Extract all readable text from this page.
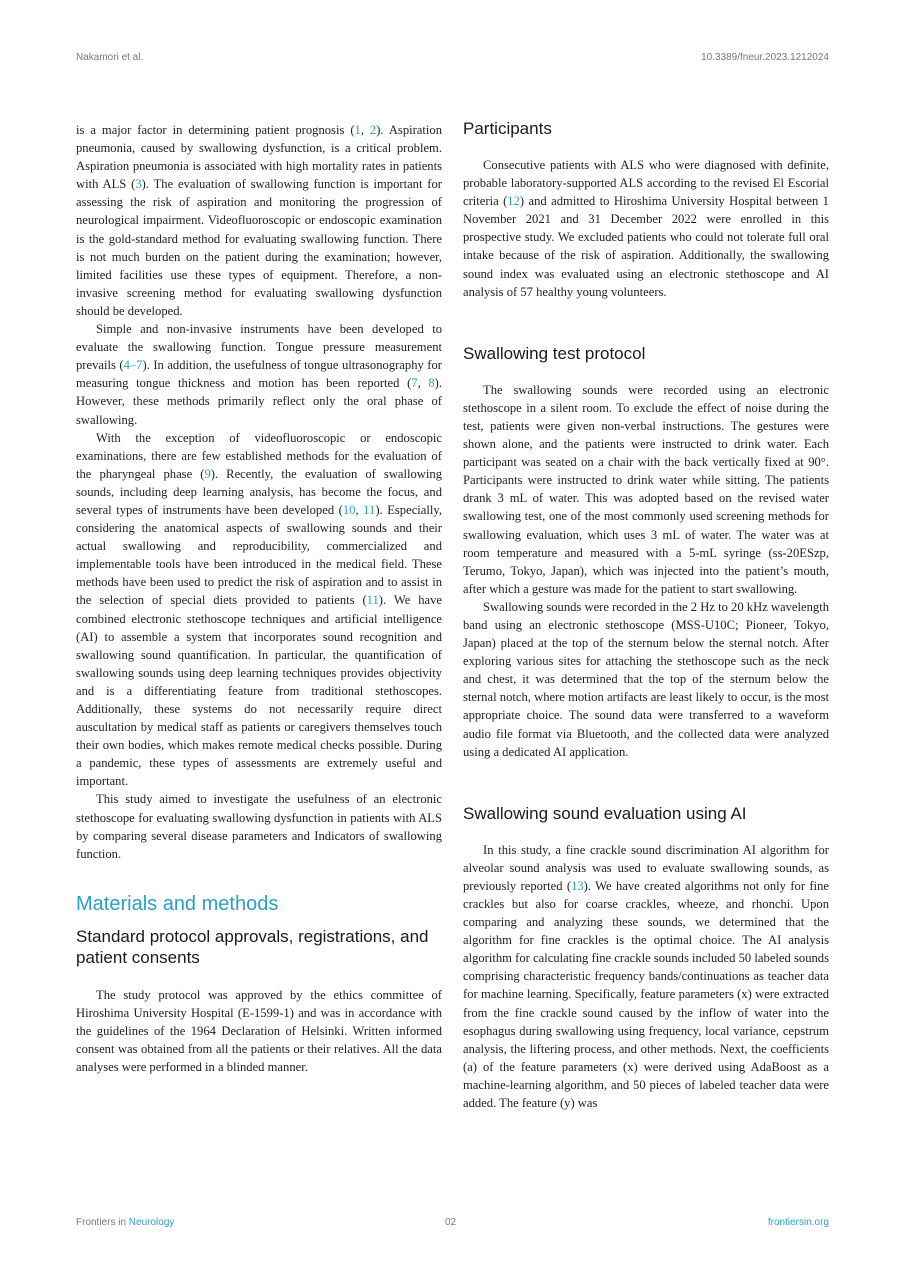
Nakamori et al.	10.3389/fneur.2023.1212024

is a major factor in determining patient prognosis (1, 2). Aspiration pneumonia, caused by swallowing dysfunction, is a critical problem. Aspiration pneumonia is associated with high mortality rates in patients with ALS (3). The evaluation of swallowing function is important for assessing the risk of aspiration and monitoring the progression of neurological impairment. Videofluoroscopic or endoscopic examination is the gold-standard method for evaluating swallowing function. There is not much burden on the patient during the examination; however, limited facilities use these types of equipment. Therefore, a non-invasive screening method for evaluating swallowing dysfunction should be developed.

Simple and non-invasive instruments have been developed to evaluate the swallowing function. Tongue pressure measurement prevails (4–7). In addition, the usefulness of tongue ultrasonography for measuring tongue thickness and motion has been reported (7, 8). However, these methods primarily reflect only the oral phase of swallowing.

With the exception of videofluoroscopic or endoscopic examinations, there are few established methods for the evaluation of the pharyngeal phase (9). Recently, the evaluation of swallowing sounds, including deep learning analysis, has become the focus, and several types of instruments have been developed (10, 11). Especially, considering the anatomical aspects of swallowing sounds and their actual swallowing and reproducibility, commercialized and implementable tools have been introduced in the medical field. These methods have been used to predict the risk of aspiration and to assist in the selection of special diets provided to patients (11). We have combined electronic stethoscope techniques and artificial intelligence (AI) to assemble a system that incorporates sound recognition and swallowing sound quantification. In particular, the quantification of swallowing sounds using deep learning techniques provides objectivity and is a differentiating feature from traditional stethoscopes. Additionally, these systems do not necessarily require direct auscultation by medical staff as patients or caregivers themselves touch their own bodies, which makes remote medical checks possible. During a pandemic, these types of assessments are extremely useful and important.

This study aimed to investigate the usefulness of an electronic stethoscope for evaluating swallowing dysfunction in patients with ALS by comparing several disease parameters and Indicators of swallowing function.

Materials and methods
Standard protocol approvals, registrations, and patient consents

The study protocol was approved by the ethics committee of Hiroshima University Hospital (E-1599-1) and was in accordance with the guidelines of the 1964 Declaration of Helsinki. Written informed consent was obtained from all the patients or their relatives. All the data analyses were performed in a blinded manner.

Participants

Consecutive patients with ALS who were diagnosed with definite, probable laboratory-supported ALS according to the revised El Escorial criteria (12) and admitted to Hiroshima University Hospital between 1 November 2021 and 31 December 2022 were enrolled in this prospective study. We excluded patients who could not tolerate full oral intake because of the risk of aspiration. Additionally, the swallowing sound index was evaluated using an electronic stethoscope and AI analysis of 57 healthy young volunteers.

Swallowing test protocol

The swallowing sounds were recorded using an electronic stethoscope in a silent room. To exclude the effect of noise during the test, patients were given non-verbal instructions. The gestures were shown alone, and the patients were instructed to drink water. Each participant was seated on a chair with the back vertically fixed at 90°. Participants were instructed to drink water while sitting. The patients drank 3 mL of water. This was adopted based on the revised water swallowing test, one of the most commonly used screening methods for swallowing evaluation, which uses 3 mL of water. The water was at room temperature and measured with a 5-mL syringe (ss-20ESzp, Terumo, Tokyo, Japan), which was injected into the patient’s mouth, after which a gesture was made for the patient to start swallowing.

Swallowing sounds were recorded in the 2 Hz to 20 kHz wavelength band using an electronic stethoscope (MSS-U10C; Pioneer, Tokyo, Japan) placed at the top of the sternum below the sternal notch. After exploring various sites for attaching the stethoscope such as the neck and chest, it was determined that the top of the sternum below the sternal notch, where motion artifacts are least likely to occur, is the most appropriate choice. The sound data were transferred to a waveform audio file format via Bluetooth, and the collected data were analyzed using a dedicated AI application.

Swallowing sound evaluation using AI

In this study, a fine crackle sound discrimination AI algorithm for alveolar sound analysis was used to evaluate swallowing sounds, as previously reported (13). We have created algorithms not only for fine crackles but also for coarse crackles, wheeze, and rhonchi. Upon comparing and analyzing these sounds, we determined that the algorithm for fine crackles is the optimal choice. The AI analysis algorithm for calculating fine crackle sounds included 50 labeled sounds comprising characteristic frequency bands/continuations as teacher data for machine learning. Specifically, feature parameters (x) were extracted from the fine crackle sound caused by the inflow of water into the esophagus during swallowing using frequency, local variance, cepstrum analysis, the liftering process, and other methods. Next, the coefficients (a) of the feature parameters (x) were derived using AdaBoost as a machine-learning algorithm, and 50 pieces of labeled teacher data were added. The feature (y) was

Frontiers in Neurology	02	frontiersin.org
